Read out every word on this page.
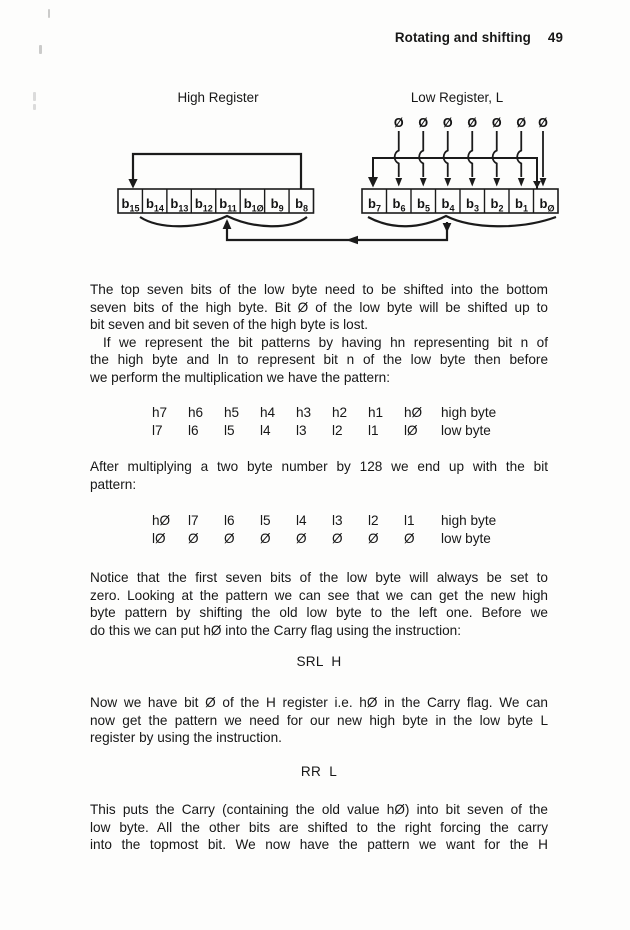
Rotating and shifting 49
High Register	Low Register, L
$b_{15}$ $b_{14}$ $b_{13}$ $b_{12}$ $b_{11}$ $b_{1Ø}$ $b_9$ $b_8$	$b_7$ $b_6$ $b_5$ $b_4$ $b_3$ $b_2$ $b_1$ $b_Ø$
Ø Ø Ø Ø Ø Ø Ø
The top seven bits of the low byte need to be shifted into the bottom
seven bits of the high byte. Bit Ø of the low byte will be shifted up to
bit seven and bit seven of the high byte is lost.
If we represent the bit patterns by having hn representing bit n of
the high byte and ln to represent bit n of the low byte then before
we perform the multiplication we have the pattern:
h7	h6	h5	h4	h3	h2	h1	hØ	high byte
l7	l6	l5	l4	l3	l2	l1	lØ	low byte
After multiplying a two byte number by 128 we end up with the bit
pattern:
hØ	l7	l6	l5	l4	l3	l2	l1	high byte
lØ	Ø	Ø	Ø	Ø	Ø	Ø	Ø	low byte
Notice that the first seven bits of the low byte will always be set to
zero. Looking at the pattern we can see that we can get the new high
byte pattern by shifting the old low byte to the left one. Before we
do this we can put hØ into the Carry flag using the instruction:
SRL  H
Now we have bit Ø of the H register i.e. hØ in the Carry flag. We can
now get the pattern we need for our new high byte in the low byte L
register by using the instruction.
RR  L
This puts the Carry (containing the old value hØ) into bit seven of the
low byte. All the other bits are shifted to the right forcing the carry
into the topmost bit. We now have the pattern we want for the H
